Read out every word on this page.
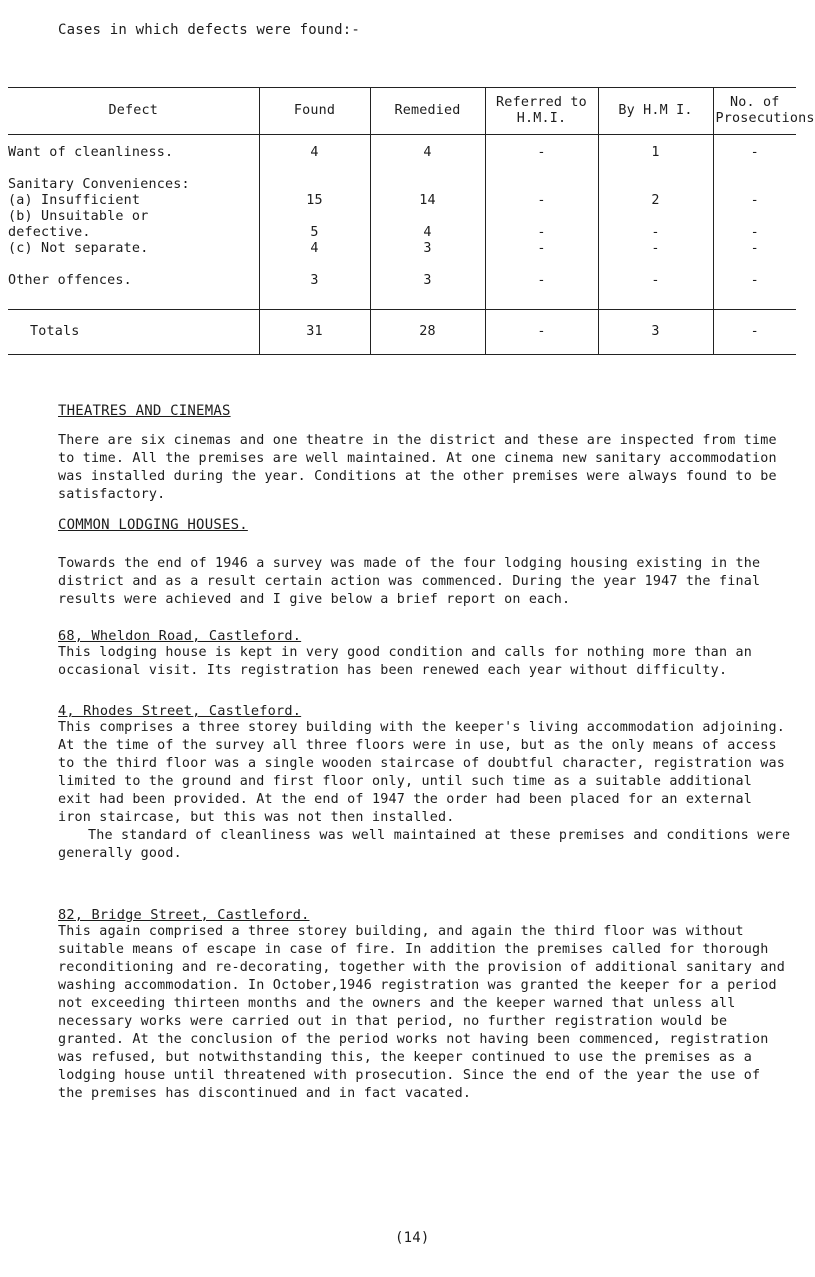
Cases in which defects were found:-
Defect	Found	Remedied	Referred to H.M.I.	By H.M I.	No. of Prosecutions
Want of cleanliness.	4	4	-	1	-
Sanitary Conveniences:					
(a) Insufficient	15	14	-	2	-
(b) Unsuitable or					
defective.	5	4	-	-	-
(c) Not separate.	4	3	-	-	-
Other offences.	3	3	-	-	-
Totals	31	28	-	3	-
THEATRES AND CINEMAS

There are six cinemas and one theatre in the district and these are inspected from time to time. All the premises are well maintained. At one cinema new sanitary accommodation was installed during the year. Conditions at the other premises were always found to be satisfactory.

COMMON LODGING HOUSES.

Towards the end of 1946 a survey was made of the four lodging housing existing in the district and as a result certain action was commenced. During the year 1947 the final results were achieved and I give below a brief report on each.

68, Wheldon Road, Castleford.

This lodging house is kept in very good condition and calls for nothing more than an occasional visit. Its registration has been renewed each year without difficulty.

4, Rhodes Street, Castleford.

This comprises a three storey building with the keeper's living accommodation adjoining. At the time of the survey all three floors were in use, but as the only means of access to the third floor was a single wooden staircase of doubtful character, registration was limited to the ground and first floor only, until such time as a suitable additional exit had been provided. At the end of 1947 the order had been placed for an external iron staircase, but this was not then installed.

The standard of cleanliness was well maintained at these premises and conditions were generally good.

82, Bridge Street, Castleford.

This again comprised a three storey building, and again the third floor was without suitable means of escape in case of fire. In addition the premises called for thorough reconditioning and re-decorating, together with the provision of additional sanitary and washing accommodation. In October,1946 registration was granted the keeper for a period not exceeding thirteen months and the owners and the keeper warned that unless all necessary works were carried out in that period, no further registration would be granted. At the conclusion of the period works not having been commenced, registration was refused, but notwithstanding this, the keeper continued to use the premises as a lodging house until threatened with prosecution. Since the end of the year the use of the premises has discontinued and in fact vacated.

(14)
